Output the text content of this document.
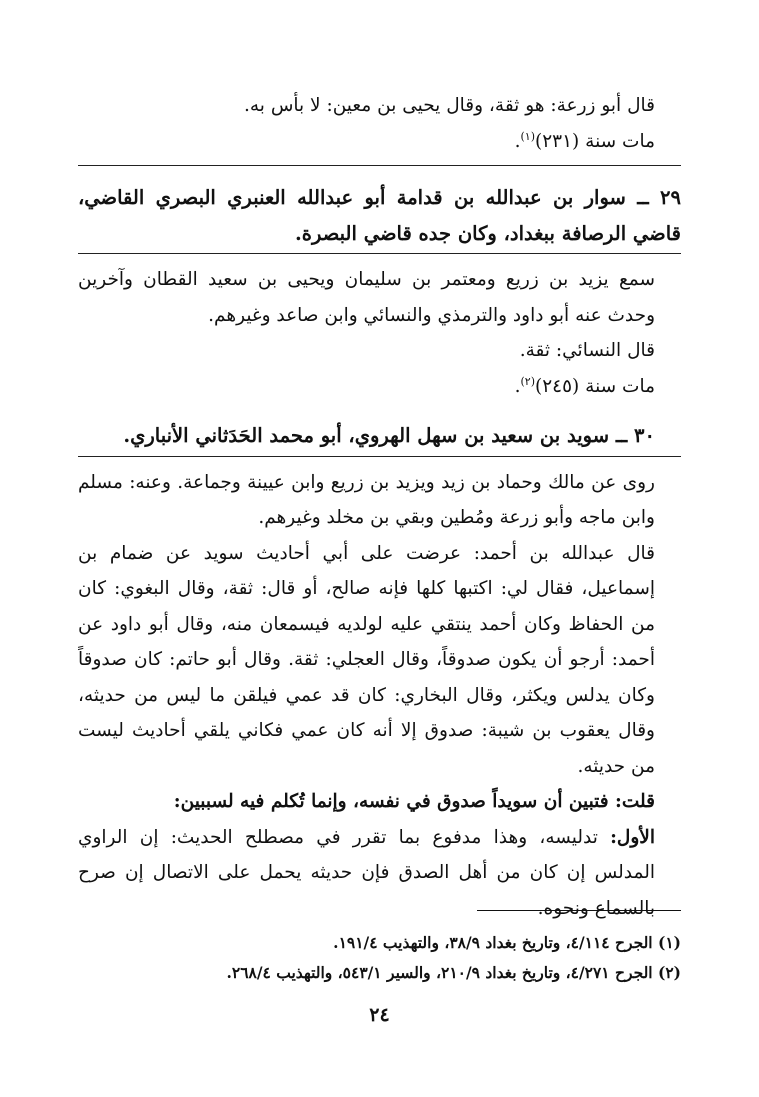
قال أبو زرعة: هو ثقة، وقال يحيى بن معين: لا بأس به.

مات سنة (٢٣١)$^{(١)}$.

٢٩ ــ سوار بن عبدالله بن قدامة أبو عبدالله العنبري البصري القاضي، قاضي الرصافة ببغداد، وكان جده قاضي البصرة.

سمع يزيد بن زريع ومعتمر بن سليمان ويحيى بن سعيد القطان وآخرين وحدث عنه أبو داود والترمذي والنسائي وابن صاعد وغيرهم.

قال النسائي: ثقة.

مات سنة (٢٤٥)$^{(٢)}$.

٣٠ ــ سويد بن سعيد بن سهل الهروي، أبو محمد الحَدَثاني الأنباري.

روى عن مالك وحماد بن زيد ويزيد بن زريع وابن عيينة وجماعة. وعنه: مسلم وابن ماجه وأبو زرعة ومُطين وبقي بن مخلد وغيرهم.

قال عبدالله بن أحمد: عرضت على أبي أحاديث سويد عن ضمام بن إسماعيل، فقال لي: اكتبها كلها فإنه صالح، أو قال: ثقة، وقال البغوي: كان من الحفاظ وكان أحمد ينتقي عليه لولديه فيسمعان منه، وقال أبو داود عن أحمد: أرجو أن يكون صدوقاً، وقال العجلي: ثقة. وقال أبو حاتم: كان صدوقاً وكان يدلس ويكثر، وقال البخاري: كان قد عمي فيلقن ما ليس من حديثه، وقال يعقوب بن شيبة: صدوق إلا أنه كان عمي فكاني يلقي أحاديث ليست من حديثه.

قلت: فتبين أن سويداً صدوق في نفسه، وإنما تُكلم فيه لسببين:

الأول: تدليسه، وهذا مدفوع بما تقرر في مصطلح الحديث: إن الراوي المدلس إن كان من أهل الصدق فإن حديثه يحمل على الاتصال إن صرح بالسماع ونحوه.

(١) الجرح ٤/١١٤، وتاريخ بغداد ٣٨/٩، والتهذيب ١٩١/٤.

(٢) الجرح ٤/٢٧١، وتاريخ بغداد ٢١٠/٩، والسير ٥٤٣/١، والتهذيب ٢٦٨/٤.

٢٤
